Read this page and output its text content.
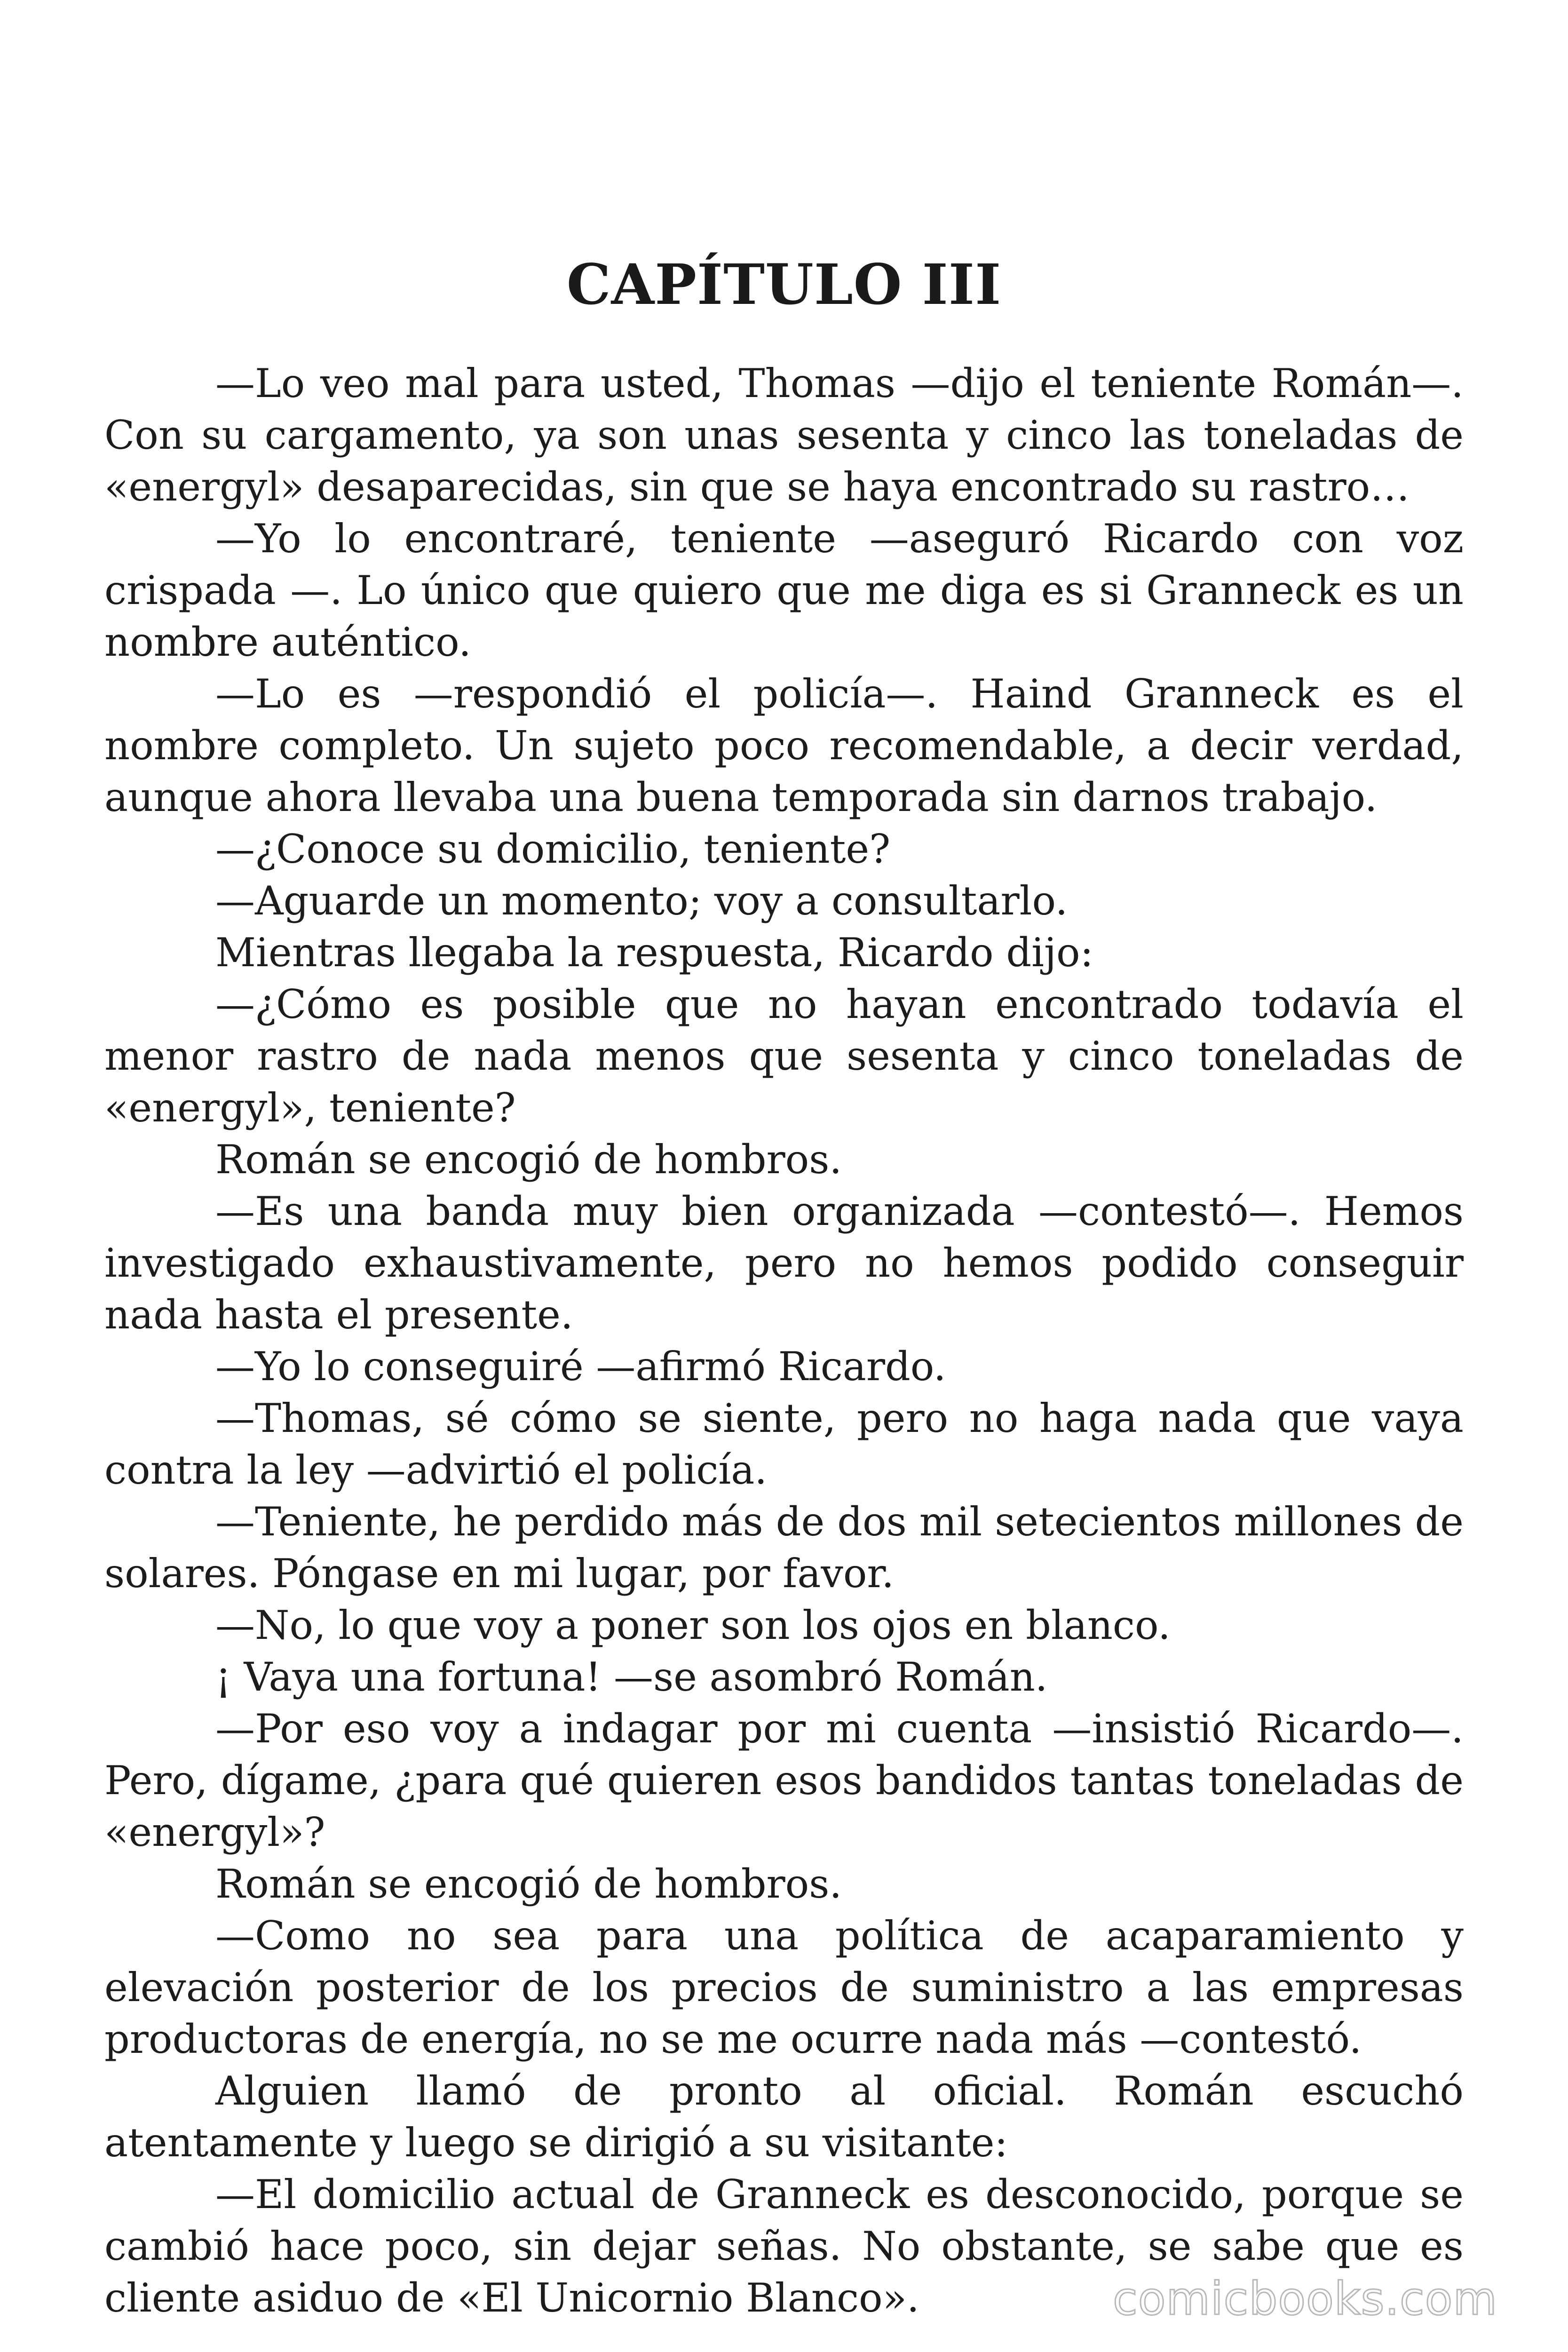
CAPÍTULO III

—Lo veo mal para usted, Thomas —dijo el teniente Román—. Con su cargamento, ya son unas sesenta y cinco las toneladas de «energyl» desaparecidas, sin que se haya encontrado su rastro…

—Yo lo encontraré, teniente —aseguró Ricardo con voz crispada —. Lo único que quiero que me diga es si Granneck es un nombre auténtico.

—Lo es —respondió el policía—. Haind Granneck es el nombre completo. Un sujeto poco recomendable, a decir verdad, aunque ahora llevaba una buena temporada sin darnos trabajo.

—¿Conoce su domicilio, teniente?

—Aguarde un momento; voy a consultarlo.

Mientras llegaba la respuesta, Ricardo dijo:

—¿Cómo es posible que no hayan encontrado todavía el menor rastro de nada menos que sesenta y cinco toneladas de «energyl», teniente?

Román se encogió de hombros.

—Es una banda muy bien organizada —contestó—. Hemos investigado exhaustivamente, pero no hemos podido conseguir nada hasta el presente.

—Yo lo conseguiré —afirmó Ricardo.

—Thomas, sé cómo se siente, pero no haga nada que vaya contra la ley —advirtió el policía.

—Teniente, he perdido más de dos mil setecientos millones de solares. Póngase en mi lugar, por favor.

—No, lo que voy a poner son los ojos en blanco.

¡ Vaya una fortuna! —se asombró Román.

—Por eso voy a indagar por mi cuenta —insistió Ricardo—. Pero, dígame, ¿para qué quieren esos bandidos tantas toneladas de «energyl»?

Román se encogió de hombros.

—Como no sea para una política de acaparamiento y elevación posterior de los precios de suministro a las empresas productoras de energía, no se me ocurre nada más —contestó.

Alguien llamó de pronto al oficial. Román escuchó atentamente y luego se dirigió a su visitante:

—El domicilio actual de Granneck es desconocido, porque se cambió hace poco, sin dejar señas. No obstante, se sabe que es cliente asiduo de «El Unicornio Blanco».	comicbooks.com
